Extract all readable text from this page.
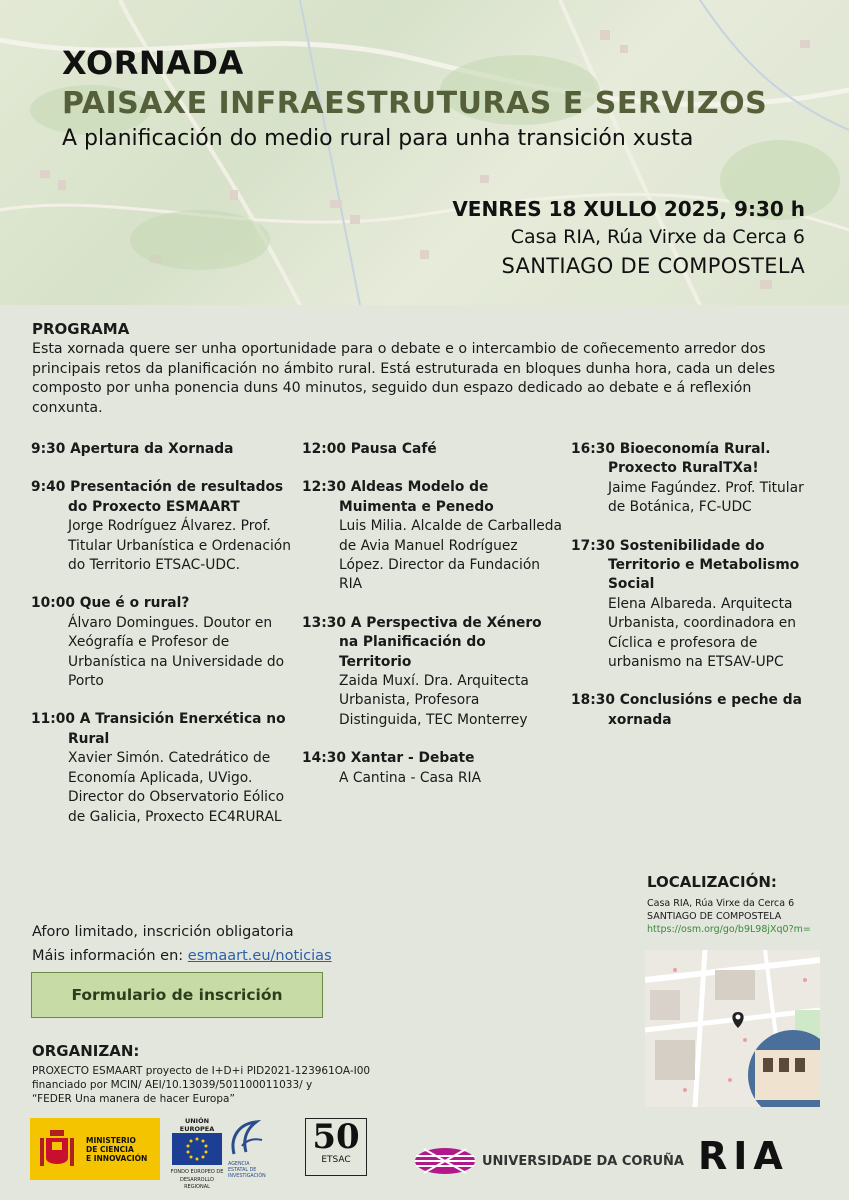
XORNADA
PAISAXE INFRAESTRUTURAS E SERVIZOS
A planificación do medio rural para unha transición xusta
VENRES 18 XULLO 2025, 9:30 h
Casa RIA, Rúa Virxe da Cerca 6
SANTIAGO DE COMPOSTELA
PROGRAMA
Esta xornada quere ser unha oportunidade para o debate e o intercambio de coñecemento arredor dos principais retos da planificación no ámbito rural. Está estruturada en bloques dunha hora, cada un deles composto por unha ponencia duns 40 minutos, seguido dun espazo dedicado ao debate e á reflexión conxunta.
9:30 Apertura da Xornada
9:40 Presentación de resultados do Proxecto ESMAART
Jorge Rodríguez Álvarez. Prof. Titular Urbanística e Ordenación do Territorio ETSAC-UDC.
10:00 Que é o rural?
Álvaro Domingues. Doutor en Xeógrafía e Profesor de Urbanística na Universidade do Porto
11:00 A Transición Enerxética no Rural
Xavier Simón. Catedrático de Economía Aplicada, UVigo. Director do Observatorio Eólico de Galicia, Proxecto EC4RURAL
12:00 Pausa Café
12:30 Aldeas Modelo de Muimenta e Penedo
Luis Milia. Alcalde de Carballeda de Avia Manuel Rodríguez López. Director da Fundación RIA
13:30 A Perspectiva de Xénero na Planificación do Territorio
Zaida Muxí. Dra. Arquitecta Urbanista, Profesora Distinguida, TEC Monterrey
14:30 Xantar - Debate
A Cantina - Casa RIA
16:30 Bioeconomía Rural. Proxecto RuralTXa!
Jaime Fagúndez. Prof. Titular de Botánica, FC-UDC
17:30 Sostenibilidade do Territorio e Metabolismo Social
Elena Albareda. Arquitecta Urbanista, coordinadora en Cíclica e profesora de urbanismo na ETSAV-UPC
18:30 Conclusións e peche da xornada
LOCALIZACIÓN:
Casa RIA, Rúa Virxe da Cerca 6
SANTIAGO DE COMPOSTELA
https://osm.org/go/b9L98jXq0?m=
Aforo limitado, inscrición obligatoria
Máis información en: esmaart.eu/noticias
Formulario de inscrición
ORGANIZAN:
PROXECTO ESMAART proyecto de I+D+i PID2021-123961OA-I00
financiado por MCIN/ AEI/10.13039/501100011033/ y
“FEDER Una manera de hacer Europa”
MINISTERIO
DE CIENCIA
E INNOVACIÓN
UNIÓN EUROPEA
FONDO EUROPEO DE DESARROLLO REGIONAL
AGENCIA ESTATAL DE INVESTIGACIÓN
50
ETSAC	UNIVERSIDADE DA CORUÑA RIA
